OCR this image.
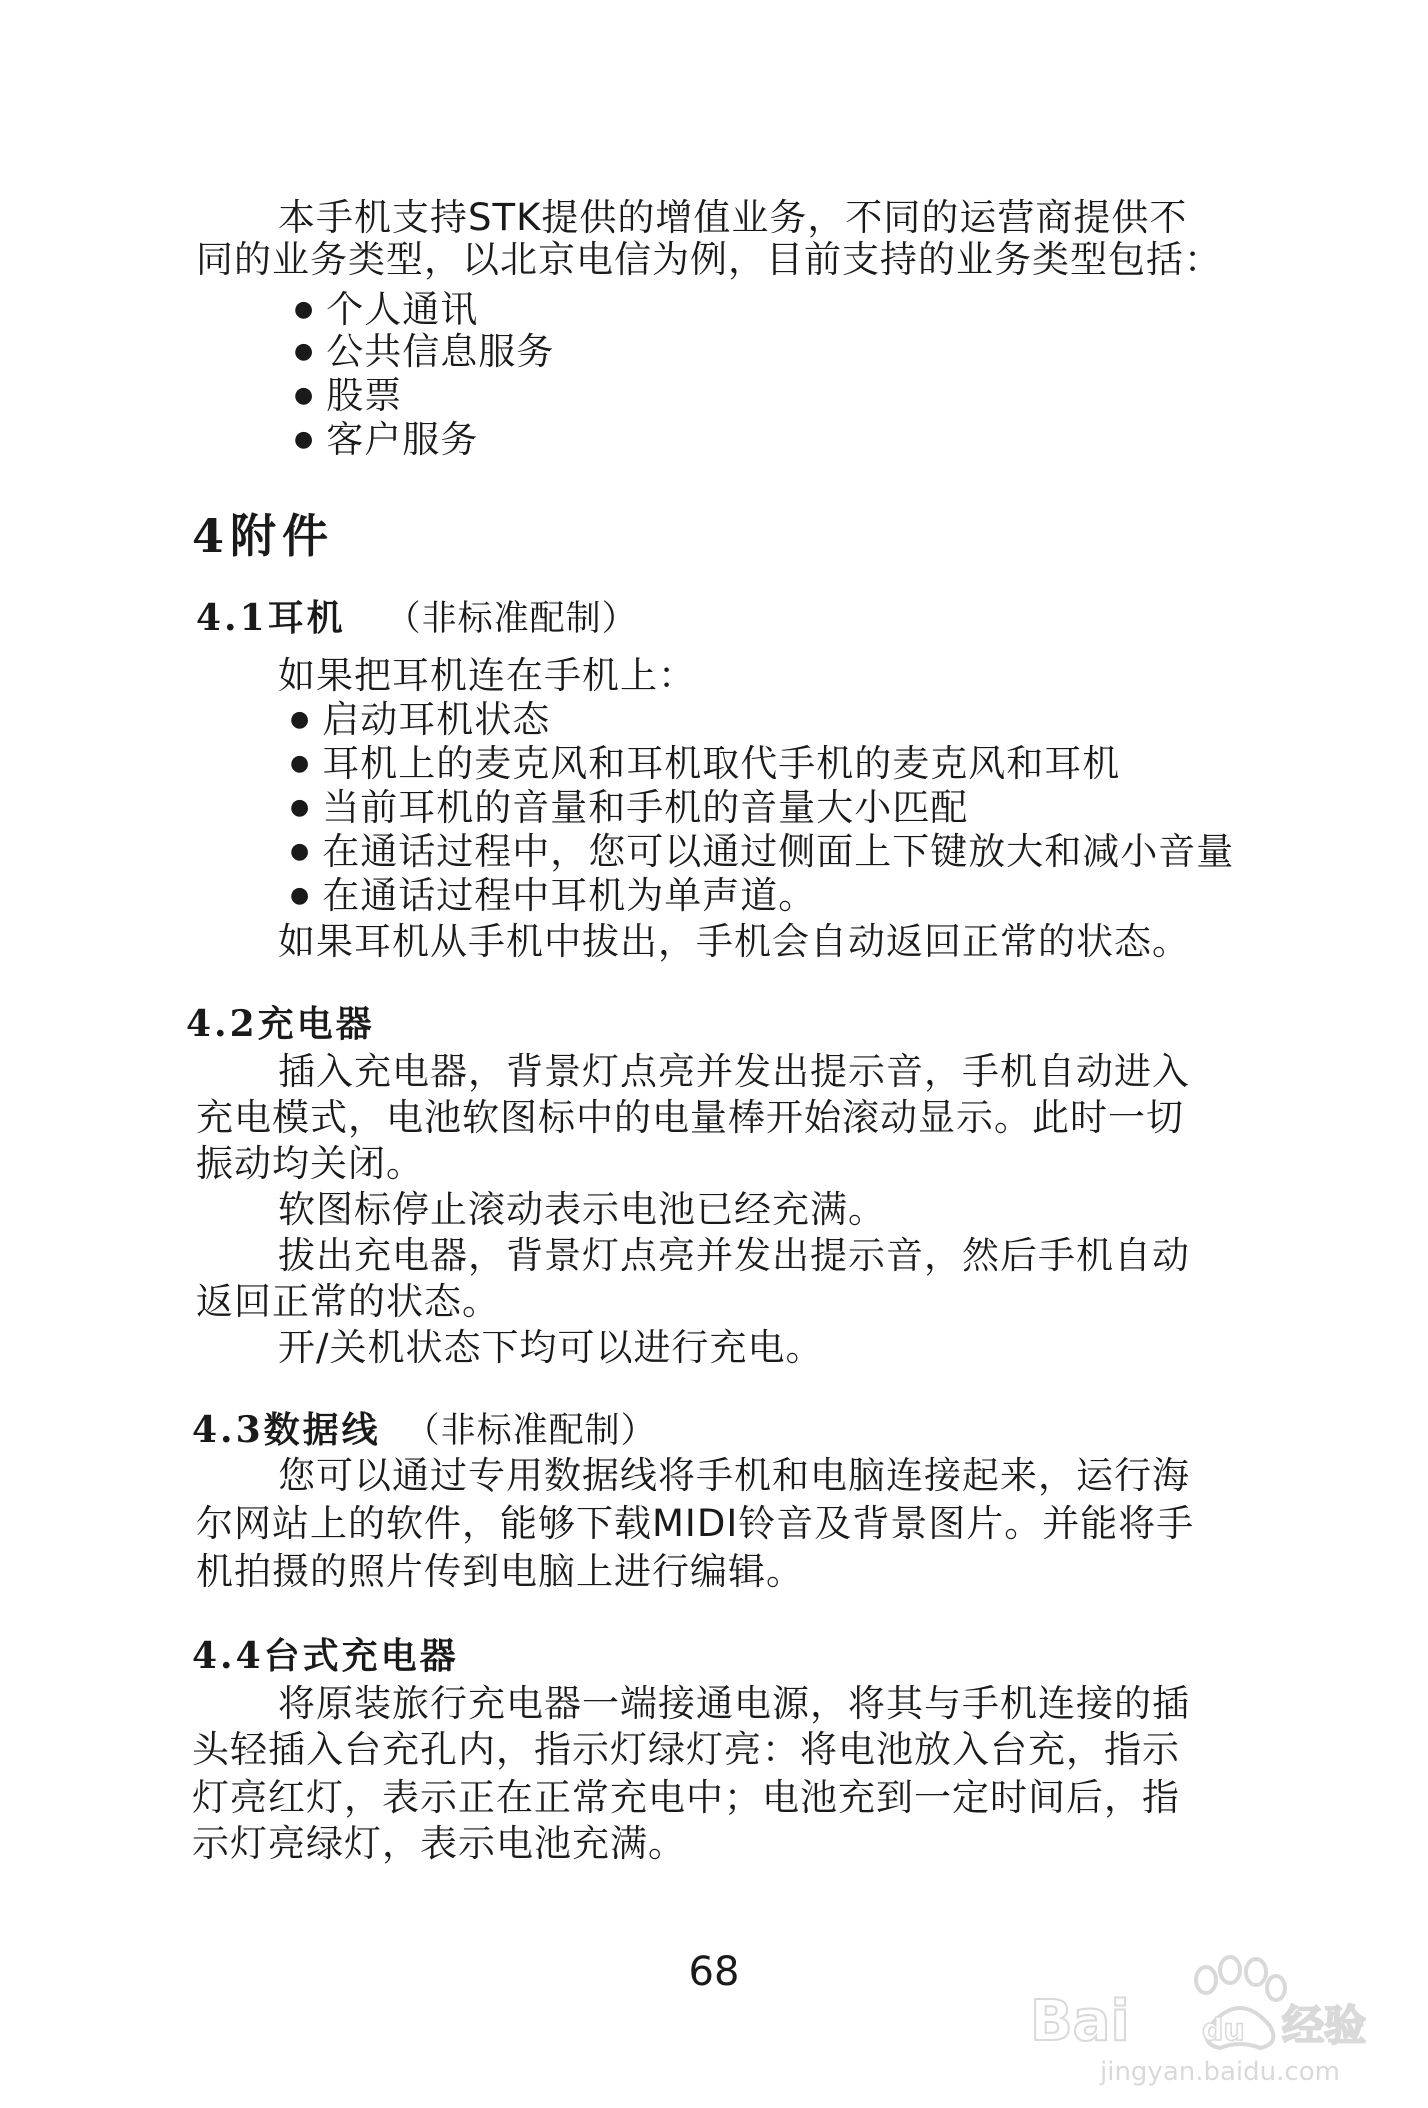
本手机支持STK提供的增值业务，不同的运营商提供不
同的业务类型，以北京电信为例，目前支持的业务类型包括：
● 个人通讯
● 公共信息服务
● 股票
● 客户服务
4附件
4.1耳机 （非标准配制）
如果把耳机连在手机上：
● 启动耳机状态
● 耳机上的麦克风和耳机取代手机的麦克风和耳机
● 当前耳机的音量和手机的音量大小匹配
● 在通话过程中，您可以通过侧面上下键放大和减小音量
● 在通话过程中耳机为单声道。
如果耳机从手机中拔出，手机会自动返回正常的状态。
4.2充电器
插入充电器，背景灯点亮并发出提示音，手机自动进入
充电模式，电池软图标中的电量棒开始滚动显示。此时一切
振动均关闭。
软图标停止滚动表示电池已经充满。
拔出充电器，背景灯点亮并发出提示音，然后手机自动
返回正常的状态。
开/关机状态下均可以进行充电。
4.3数据线 （非标准配制）
您可以通过专用数据线将手机和电脑连接起来，运行海
尔网站上的软件，能够下载MIDI铃音及背景图片。并能将手
机拍摄的照片传到电脑上进行编辑。
4.4台式充电器
将原装旅行充电器一端接通电源，将其与手机连接的插
头轻插入台充孔内，指示灯绿灯亮：将电池放入台充，指示
灯亮红灯，表示正在正常充电中；电池充到一定时间后，指
示灯亮绿灯，表示电池充满。
68
Bai du 经验
jingyan.baidu.com
